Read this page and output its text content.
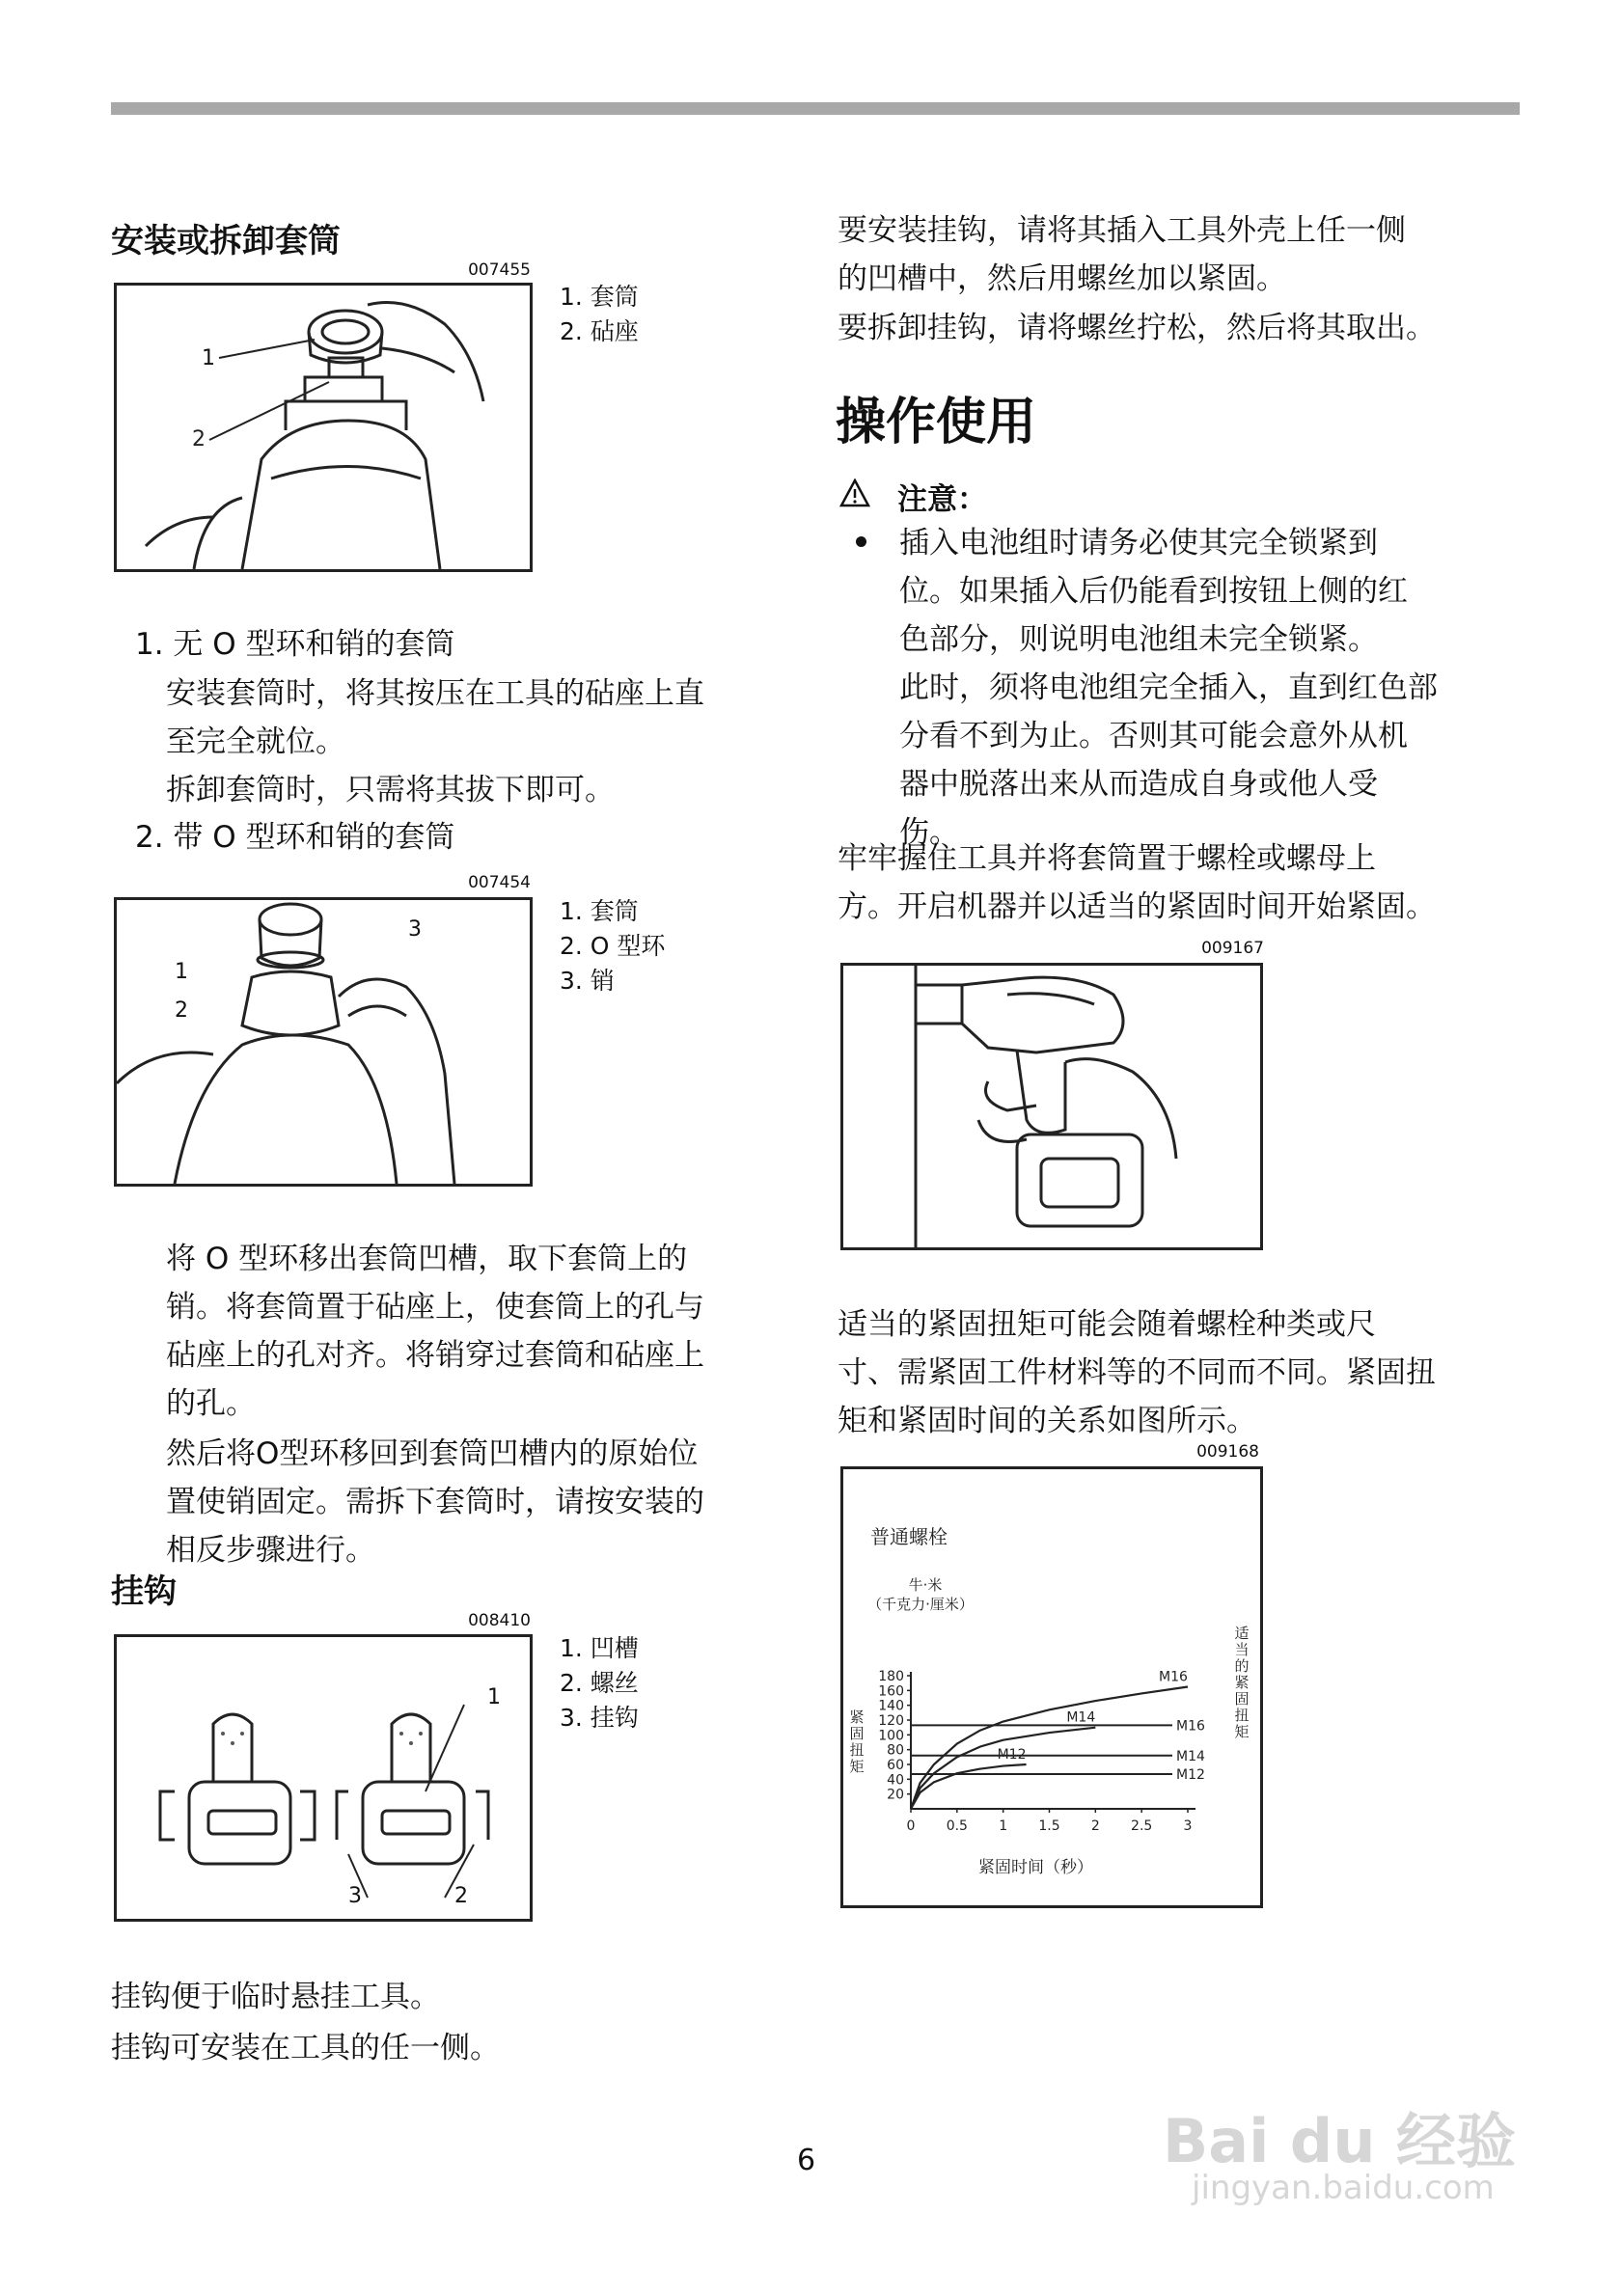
安装或拆卸套筒
007455
2
1
1. 套筒
2. 砧座
1. 无 O 型环和销的套筒
安装套筒时，将其按压在工具的砧座上直
至完全就位。
拆卸套筒时，只需将其拔下即可。
2. 带 O 型环和销的套筒
007454
1
2
3
1. 套筒
2. O 型环
3. 销
将 O 型环移出套筒凹槽，取下套筒上的
销。将套筒置于砧座上，使套筒上的孔与
砧座上的孔对齐。将销穿过套筒和砧座上
的孔。
然后将O型环移回到套筒凹槽内的原始位
置使销固定。需拆下套筒时，请按安装的
相反步骤进行。
挂钩
008410
1
3	2
1. 凹槽
2. 螺丝
3. 挂钩
挂钩便于临时悬挂工具。
挂钩可安装在工具的任一侧。
要安装挂钩，请将其插入工具外壳上任一侧
的凹槽中，然后用螺丝加以紧固。
要拆卸挂钩，请将螺丝拧松，然后将其取出。
操作使用
注意：
插入电池组时请务必使其完全锁紧到
位。如果插入后仍能看到按钮上侧的红
色部分，则说明电池组未完全锁紧。
此时，须将电池组完全插入，直到红色部
分看不到为止。否则其可能会意外从机
器中脱落出来从而造成自身或他人受
伤。
牢牢握住工具并将套筒置于螺栓或螺母上
方。开启机器并以适当的紧固时间开始紧固。
009167
适当的紧固扭矩可能会随着螺栓种类或尺
寸、需紧固工件材料等的不同而不同。紧固扭
矩和紧固时间的关系如图所示。
009168
普通螺栓
牛·米
（千克力·厘米）
紧固时间（秒）
紧
固
扭
矩
适
当
的
紧
固
扭
矩
20
40
60
80
100
120
140
160
180
0 0.5 1 1.5 2 2.5 3
M16
M14
M12
M16
M14
M12
6	Bai du 经验
jingyan.baidu.com
